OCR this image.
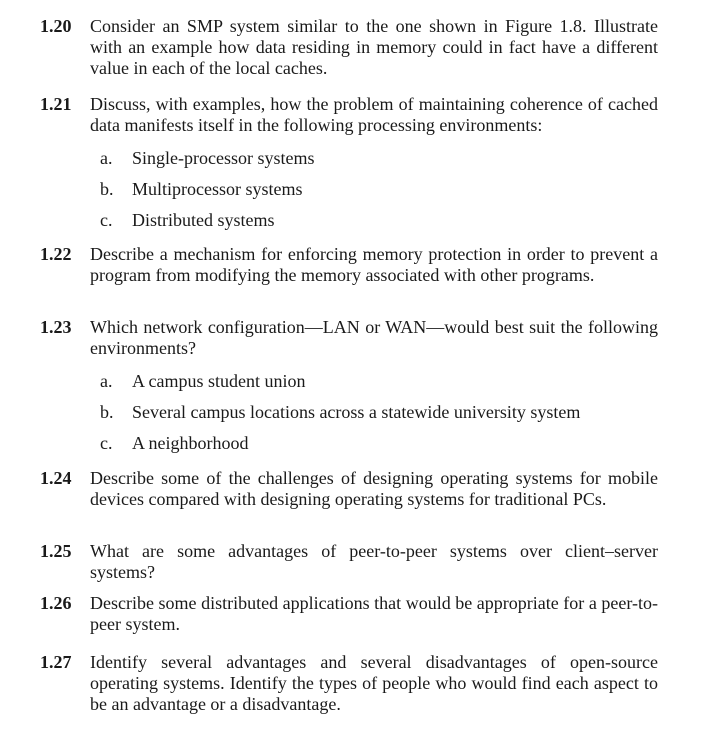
1.20	Consider an SMP system similar to the one shown in Figure 1.8. Illustrate with an example how data residing in memory could in fact have a different value in each of the local caches.
1.21	Discuss, with examples, how the problem of maintaining coherence of cached data manifests itself in the following processing environments:
a.	Single-processor systems
b.	Multiprocessor systems
c.	Distributed systems
1.22	Describe a mechanism for enforcing memory protection in order to prevent a program from modifying the memory associated with other programs.
1.23	Which network configuration—LAN or WAN—would best suit the following environments?
a.	A campus student union
b.	Several campus locations across a statewide university system
c.	A neighborhood
1.24	Describe some of the challenges of designing operating systems for mobile devices compared with designing operating systems for traditional PCs.
1.25	What are some advantages of peer-to-peer systems over client–server systems?
1.26	Describe some distributed applications that would be appropriate for a peer-to-peer system.
1.27	Identify several advantages and several disadvantages of open-source operating systems. Identify the types of people who would find each aspect to be an advantage or a disadvantage.
